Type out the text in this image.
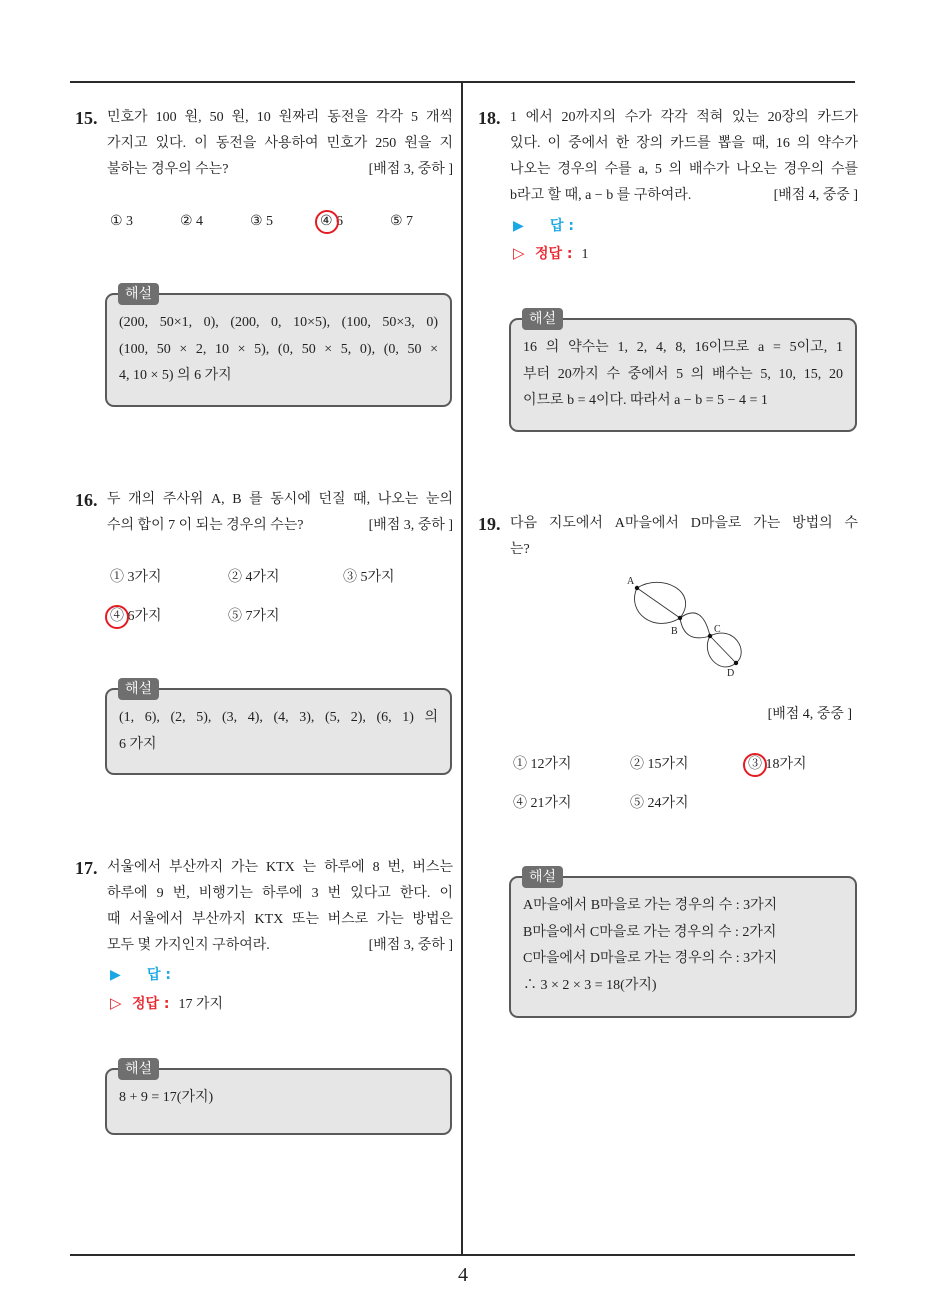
15. 민호가 100 원, 50 원, 10 원짜리 동전을 각각 5 개씩
가지고 있다. 이 동전을 사용하여 민호가 250 원을 지
불하는 경우의 수는?	[배점 3, 중하 ]
① 3	② 4	③ 5	④ 6	⑤ 7
해설
(200, 50×1, 0), (200, 0, 10×5), (100, 50×3, 0)
(100, 50 × 2, 10 × 5), (0, 50 × 5, 0), (0, 50 ×
4, 10 × 5) 의 6 가지
16. 두 개의 주사위 A, B 를 동시에 던질 때, 나오는 눈의
수의 합이 7 이 되는 경우의 수는?	[배점 3, 중하 ]
① 3가지	② 4가지	③ 5가지
④ 6가지	⑤ 7가지
해설
(1, 6), (2, 5), (3, 4), (4, 3), (5, 2), (6, 1) 의
6 가지
17. 서울에서 부산까지 가는 KTX 는 하루에 8 번, 버스는
하루에 9 번, 비행기는 하루에 3 번 있다고 한다. 이
때 서울에서 부산까지 KTX 또는 버스로 가는 방법은
모두 몇 가지인지 구하여라.	[배점 3, 중하 ]
▶ 답 :
▷ 정답 : 17 가지
해설
8 + 9 = 17(가지)
18. 1 에서 20까지의 수가 각각 적혀 있는 20장의 카드가
있다. 이 중에서 한 장의 카드를 뽑을 때, 16 의 약수가
나오는 경우의 수를 a, 5 의 배수가 나오는 경우의 수를
b라고 할 때, a − b 를 구하여라.	[배점 4, 중중 ]
▶ 답 :
▷ 정답 : 1
해설
16 의 약수는 1, 2, 4, 8, 16이므로 a = 5이고, 1
부터 20까지 수 중에서 5 의 배수는 5, 10, 15, 20
이므로 b = 4이다. 따라서 a − b = 5 − 4 = 1
19. 다음 지도에서 A마을에서 D마을로 가는 방법의 수
는?
A
B	C
D
[배점 4, 중중 ]
① 12가지	② 15가지	③ 18가지
④ 21가지	⑤ 24가지
해설
A마을에서 B마을로 가는 경우의 수 : 3가지
B마을에서 C마을로 가는 경우의 수 : 2가지
C마을에서 D마을로 가는 경우의 수 : 3가지
∴ 3 × 2 × 3 = 18(가지)
4
